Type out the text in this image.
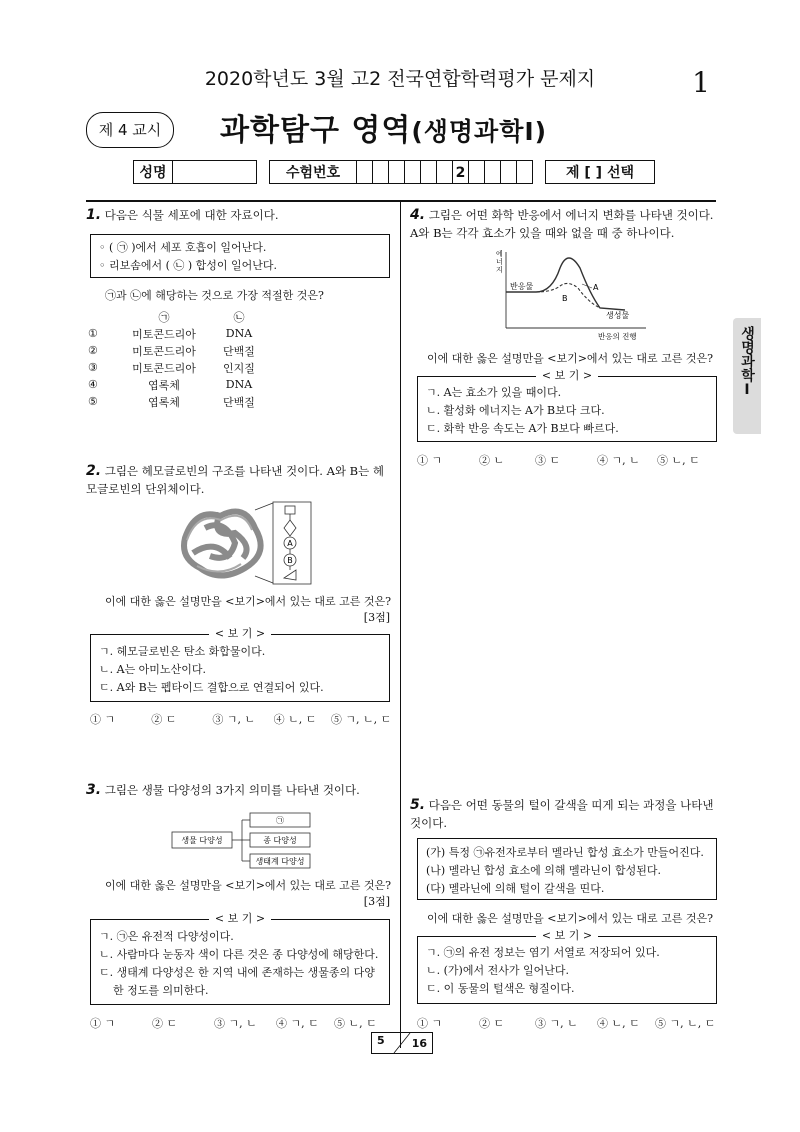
2020학년도 3월 고2 전국연합학력평가 문제지	1
제 4 교시	과학탐구 영역(생명과학Ⅰ)
성명	수험번호	2	제 [ ] 선택
생명과학Ⅰ
1. 다음은 식물 세포에 대한 자료이다.
◦ ( ㉠ )에서 세포 호흡이 일어난다.
◦ 리보솜에서 ( ㉡ ) 합성이 일어난다.
㉠과 ㉡에 해당하는 것으로 가장 적절한 것은?
	㉠	㉡
①	미토콘드리아	DNA
②	미토콘드리아	단백질
③	미토콘드리아	인지질
④	엽록체	DNA
⑤	엽록체	단백질
2. 그림은 헤모글로빈의 구조를 나타낸 것이다. A와 B는 헤모글로빈의 단위체이다.
A
B
이에 대한 옳은 설명만을 <보기>에서 있는 대로 고른 것은?
[3점]
< 보 기 >
ㄱ. 헤모글로빈은 탄소 화합물이다.
ㄴ. A는 아미노산이다.
ㄷ. A와 B는 펩타이드 결합으로 연결되어 있다.
① ㄱ	② ㄷ	③ ㄱ, ㄴ	④ ㄴ, ㄷ	⑤ ㄱ, ㄴ, ㄷ
3. 그림은 생물 다양성의 3가지 의미를 나타낸 것이다.
생물 다양성
㉠
종 다양성
생태계 다양성
이에 대한 옳은 설명만을 <보기>에서 있는 대로 고른 것은?
[3점]
< 보 기 >
ㄱ. ㉠은 유전적 다양성이다.
ㄴ. 사람마다 눈동자 색이 다른 것은 종 다양성에 해당한다.
ㄷ. 생태계 다양성은 한 지역 내에 존재하는 생물종의 다양한 정도를 의미한다.
① ㄱ	② ㄷ	③ ㄱ, ㄴ	④ ㄱ, ㄷ	⑤ ㄴ, ㄷ
4. 그림은 어떤 화학 반응에서 에너지 변화를 나타낸 것이다. A와 B는 각각 효소가 있을 때와 없을 때 중 하나이다.
에 너 지
반응물	A
B
생성물
반응의 진행
이에 대한 옳은 설명만을 <보기>에서 있는 대로 고른 것은?
< 보 기 >
ㄱ. A는 효소가 있을 때이다.
ㄴ. 활성화 에너지는 A가 B보다 크다.
ㄷ. 화학 반응 속도는 A가 B보다 빠르다.
① ㄱ	② ㄴ	③ ㄷ	④ ㄱ, ㄴ	⑤ ㄴ, ㄷ
5. 다음은 어떤 동물의 털이 갈색을 띠게 되는 과정을 나타낸 것이다.
(가) 특정 ㉠유전자로부터 멜라닌 합성 효소가 만들어진다.
(나) 멜라닌 합성 효소에 의해 멜라닌이 합성된다.
(다) 멜라닌에 의해 털이 갈색을 띤다.
이에 대한 옳은 설명만을 <보기>에서 있는 대로 고른 것은?
< 보 기 >
ㄱ. ㉠의 유전 정보는 염기 서열로 저장되어 있다.
ㄴ. (가)에서 전사가 일어난다.
ㄷ. 이 동물의 털색은 형질이다.
① ㄱ	② ㄷ	③ ㄱ, ㄴ	④ ㄴ, ㄷ	⑤ ㄱ, ㄴ, ㄷ
5 16
